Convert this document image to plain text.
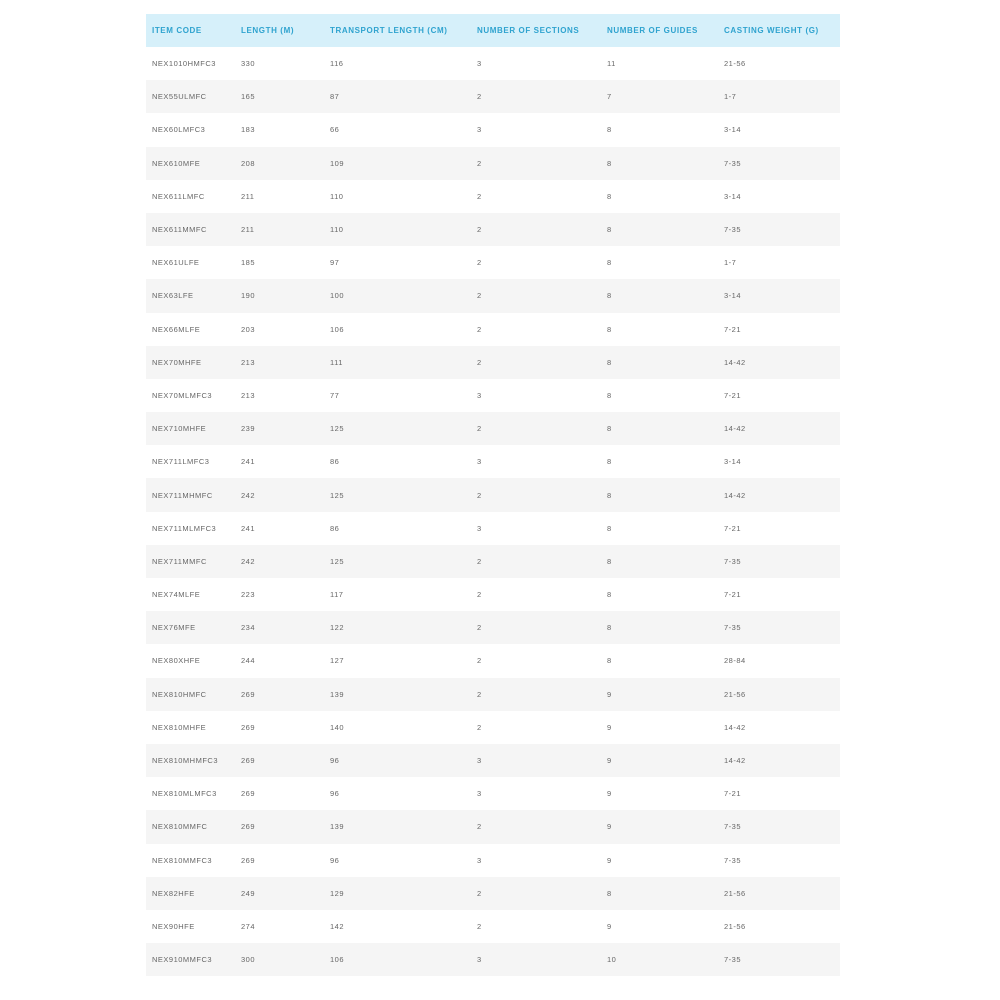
ITEM CODE	LENGTH (M)	TRANSPORT LENGTH (CM)	NUMBER OF SECTIONS	NUMBER OF GUIDES	CASTING WEIGHT (G)
NEX1010HMFC3	330	116	3	11	21-56
NEX55ULMFC	165	87	2	7	1-7
NEX60LMFC3	183	66	3	8	3-14
NEX610MFE	208	109	2	8	7-35
NEX611LMFC	211	110	2	8	3-14
NEX611MMFC	211	110	2	8	7-35
NEX61ULFE	185	97	2	8	1-7
NEX63LFE	190	100	2	8	3-14
NEX66MLFE	203	106	2	8	7-21
NEX70MHFE	213	111	2	8	14-42
NEX70MLMFC3	213	77	3	8	7-21
NEX710MHFE	239	125	2	8	14-42
NEX711LMFC3	241	86	3	8	3-14
NEX711MHMFC	242	125	2	8	14-42
NEX711MLMFC3	241	86	3	8	7-21
NEX711MMFC	242	125	2	8	7-35
NEX74MLFE	223	117	2	8	7-21
NEX76MFE	234	122	2	8	7-35
NEX80XHFE	244	127	2	8	28-84
NEX810HMFC	269	139	2	9	21-56
NEX810MHFE	269	140	2	9	14-42
NEX810MHMFC3	269	96	3	9	14-42
NEX810MLMFC3	269	96	3	9	7-21
NEX810MMFC	269	139	2	9	7-35
NEX810MMFC3	269	96	3	9	7-35
NEX82HFE	249	129	2	8	21-56
NEX90HFE	274	142	2	9	21-56
NEX910MMFC3	300	106	3	10	7-35
